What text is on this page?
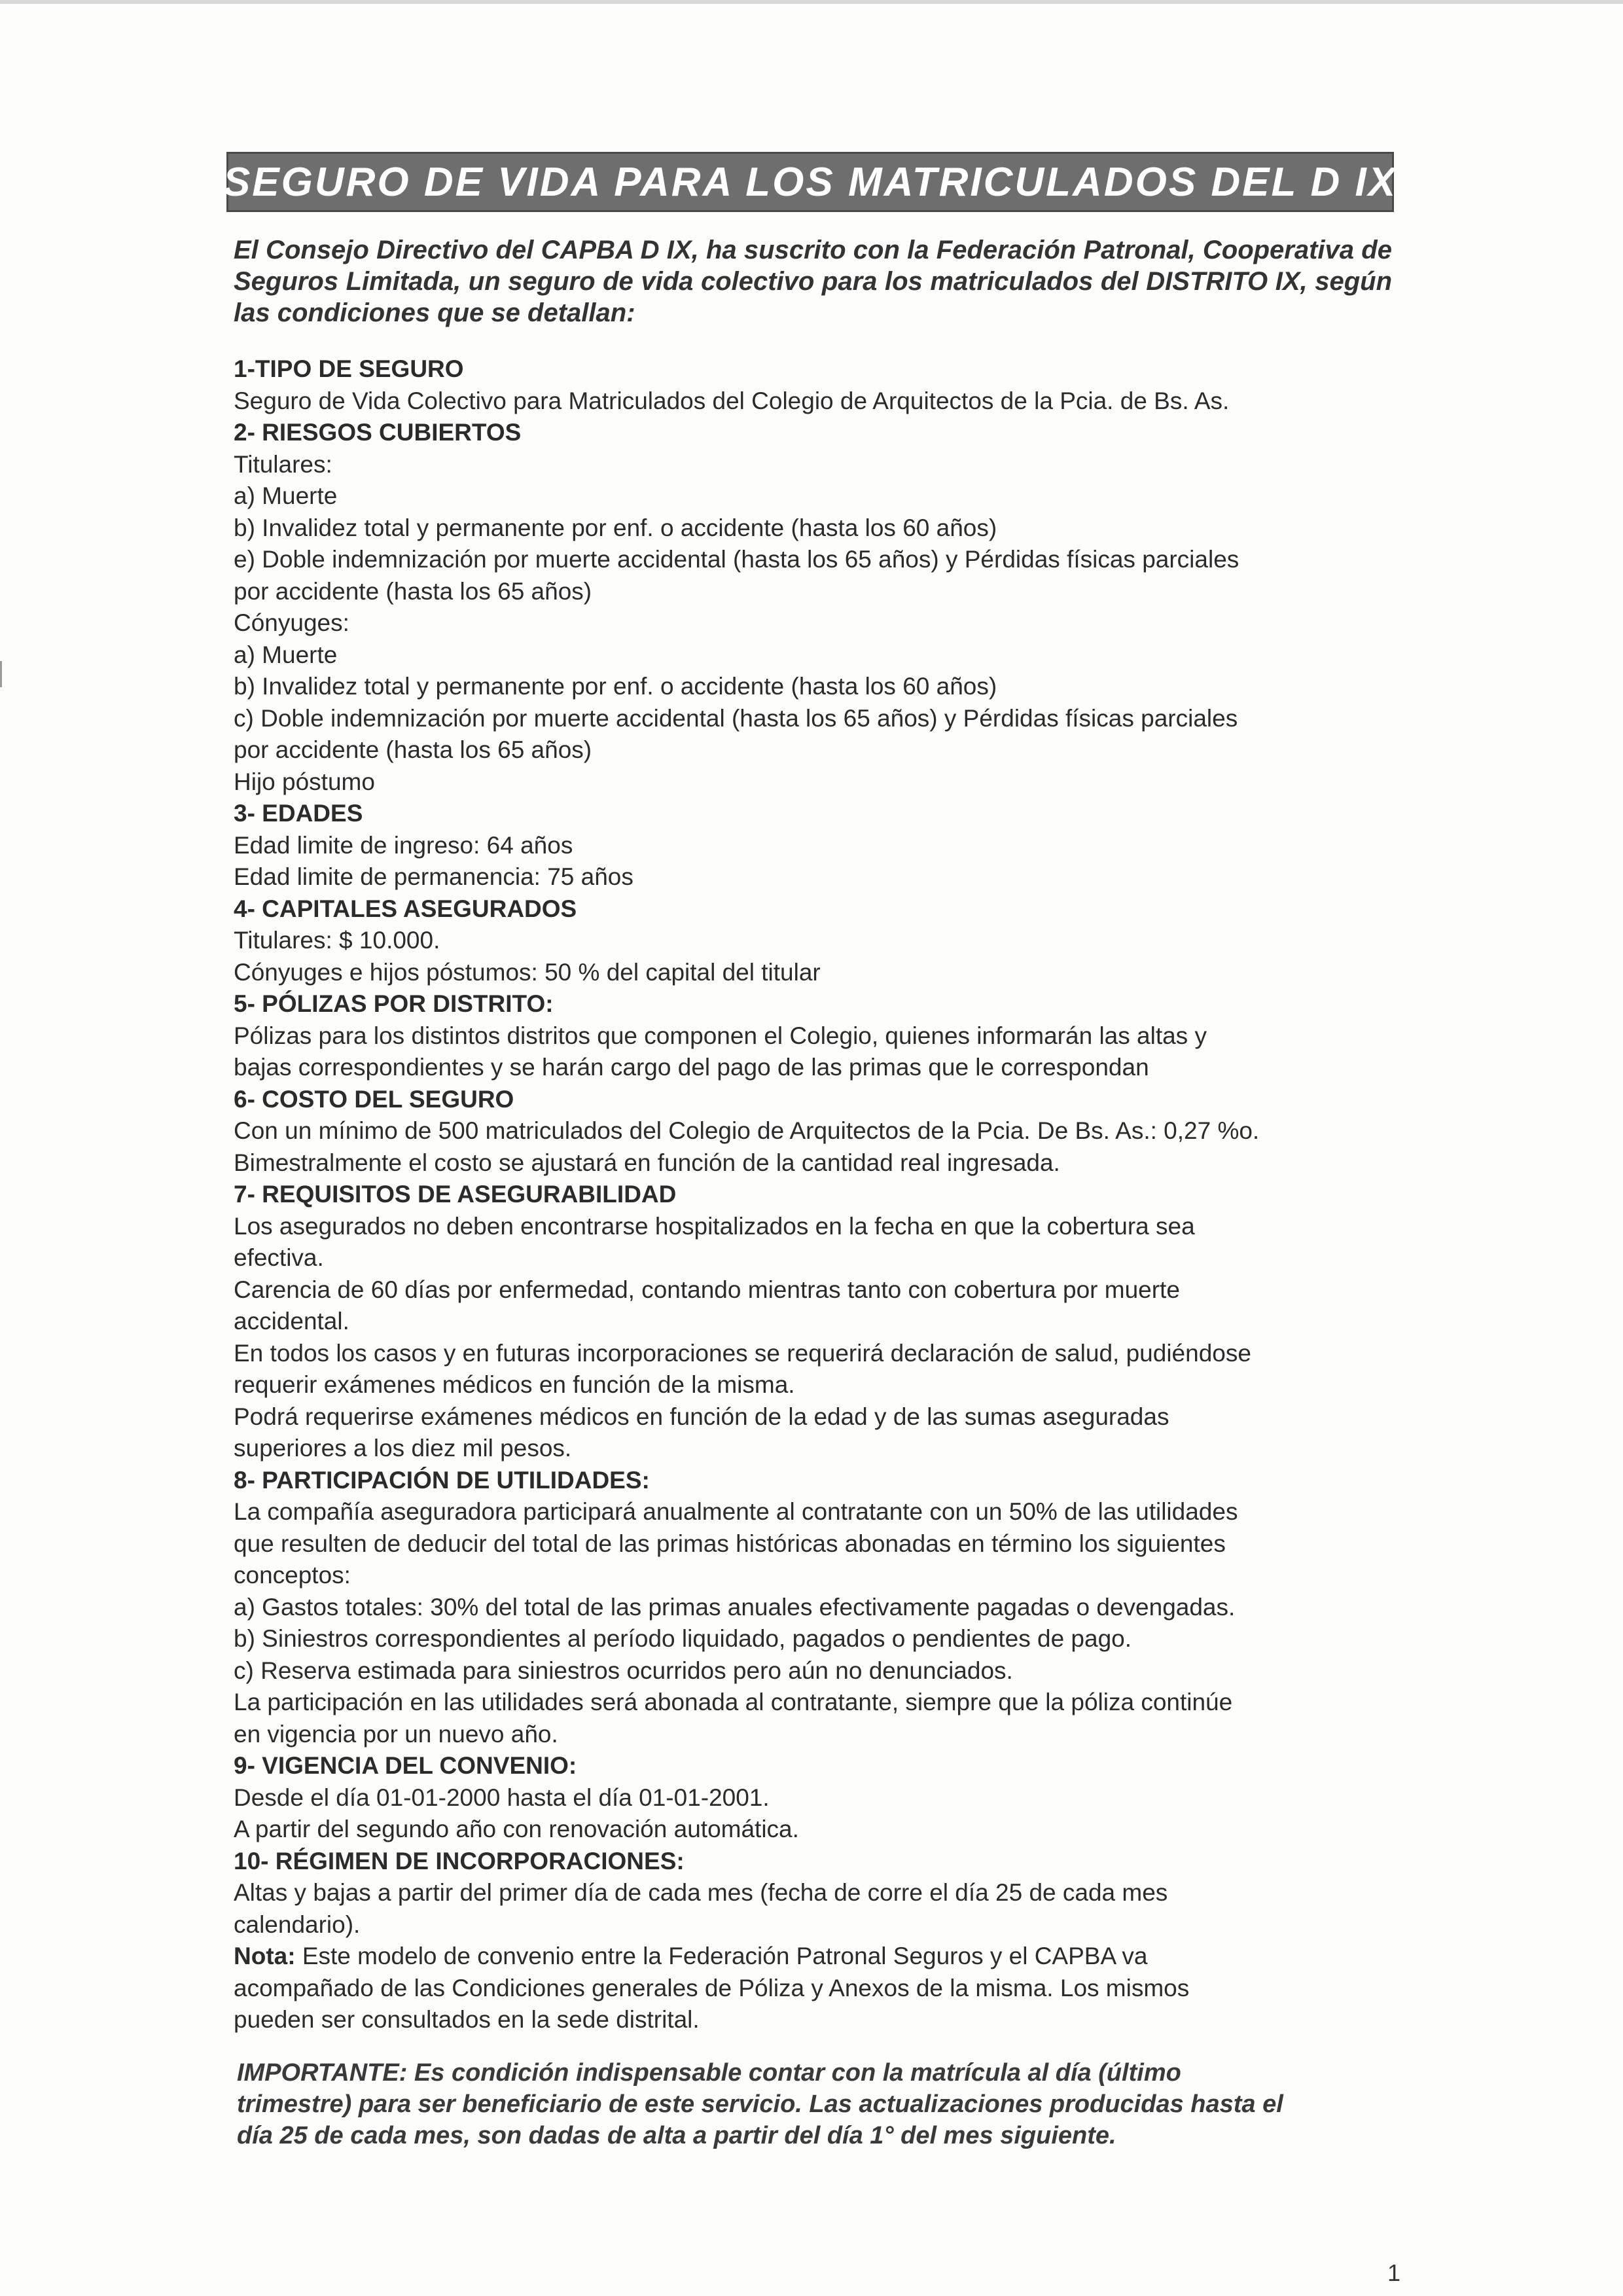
SEGURO DE VIDA PARA LOS MATRICULADOS DEL D IX
El Consejo Directivo del CAPBA D IX, ha suscrito con la Federación Patronal, Cooperativa de Seguros Limitada, un seguro de vida colectivo para los matriculados del DISTRITO IX, según las condiciones que se detallan:
1-TIPO DE SEGURO
Seguro de Vida Colectivo para Matriculados del Colegio de Arquitectos de la Pcia. de Bs. As.
2- RIESGOS CUBIERTOS
Titulares:
a) Muerte
b) Invalidez total y permanente por enf. o accidente (hasta los 60 años)
e) Doble indemnización por muerte accidental (hasta los 65 años) y Pérdidas físicas parciales
por accidente (hasta los 65 años)
Cónyuges:
a) Muerte
b) Invalidez total y permanente por enf. o accidente (hasta los 60 años)
c) Doble indemnización por muerte accidental (hasta los 65 años) y Pérdidas físicas parciales
por accidente (hasta los 65 años)
Hijo póstumo
3- EDADES
Edad limite de ingreso: 64 años
Edad limite de permanencia: 75 años
4- CAPITALES ASEGURADOS
Titulares: $ 10.000.
Cónyuges e hijos póstumos: 50 % del capital del titular
5- PÓLIZAS POR DISTRITO:
Pólizas para los distintos distritos que componen el Colegio, quienes informarán las altas y
bajas correspondientes y se harán cargo del pago de las primas que le correspondan
6- COSTO DEL SEGURO
Con un mínimo de 500 matriculados del Colegio de Arquitectos de la Pcia. De Bs. As.: 0,27 %o.
Bimestralmente el costo se ajustará en función de la cantidad real ingresada.
7- REQUISITOS DE ASEGURABILIDAD
Los asegurados no deben encontrarse hospitalizados en la fecha en que la cobertura sea
efectiva.
Carencia de 60 días por enfermedad, contando mientras tanto con cobertura por muerte
accidental.
En todos los casos y en futuras incorporaciones se requerirá declaración de salud, pudiéndose
requerir exámenes médicos en función de la misma.
Podrá requerirse exámenes médicos en función de la edad y de las sumas aseguradas
superiores a los diez mil pesos.
8- PARTICIPACIÓN DE UTILIDADES:
La compañía aseguradora participará anualmente al contratante con un 50% de las utilidades
que resulten de deducir del total de las primas históricas abonadas en término los siguientes
conceptos:
a) Gastos totales: 30% del total de las primas anuales efectivamente pagadas o devengadas.
b) Siniestros correspondientes al período liquidado, pagados o pendientes de pago.
c) Reserva estimada para siniestros ocurridos pero aún no denunciados.
La participación en las utilidades será abonada al contratante, siempre que la póliza continúe
en vigencia por un nuevo año.
9- VIGENCIA DEL CONVENIO:
Desde el día 01-01-2000 hasta el día 01-01-2001.
A partir del segundo año con renovación automática.
10- RÉGIMEN DE INCORPORACIONES:
Altas y bajas a partir del primer día de cada mes (fecha de corre el día 25 de cada mes
calendario).
Nota: Este modelo de convenio entre la Federación Patronal Seguros y el CAPBA va
acompañado de las Condiciones generales de Póliza y Anexos de la misma. Los mismos
pueden ser consultados en la sede distrital.
IMPORTANTE: Es condición indispensable contar con la matrícula al día (último
trimestre) para ser beneficiario de este servicio. Las actualizaciones producidas hasta el
día 25 de cada mes, son dadas de alta a partir del día 1° del mes siguiente.
1
